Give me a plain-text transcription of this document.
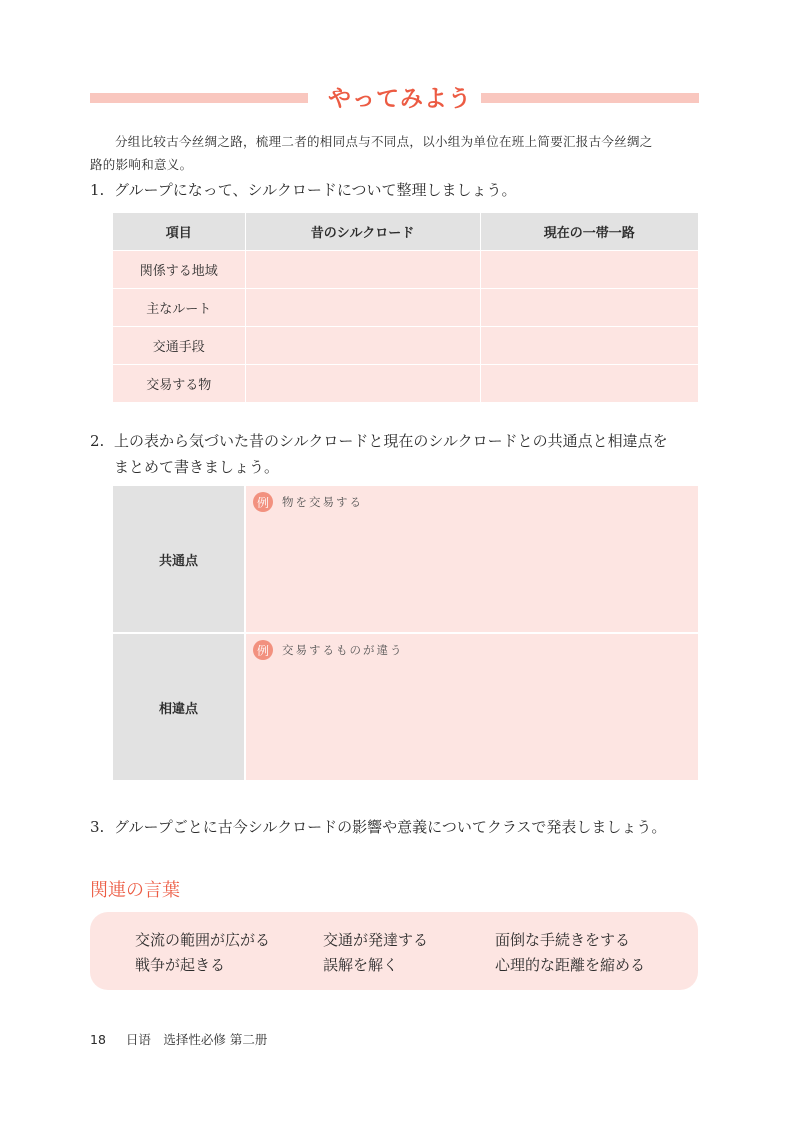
やってみよう
分组比较古今丝绸之路，梳理二者的相同点与不同点，以小组为单位在班上简要汇报古今丝绸之
路的影响和意义。
1. グループになって、シルクロードについて整理しましょう。
項目	昔のシルクロード	現在の一帯一路
関係する地域		
主なルート		
交通手段		
交易する物		
2. 上の表から気づいた昔のシルクロードと現在のシルクロードとの共通点と相違点を
まとめて書きましょう。
共通点
例	物を交易する
相違点
例	交易するものが違う
3. グループごとに古今シルクロードの影響や意義についてクラスで発表しましょう。
関連の言葉
交流の範囲が広がる	交通が発達する	面倒な手続きをする
戦争が起きる	誤解を解く	心理的な距離を縮める
18 日语　选择性必修 第二册
